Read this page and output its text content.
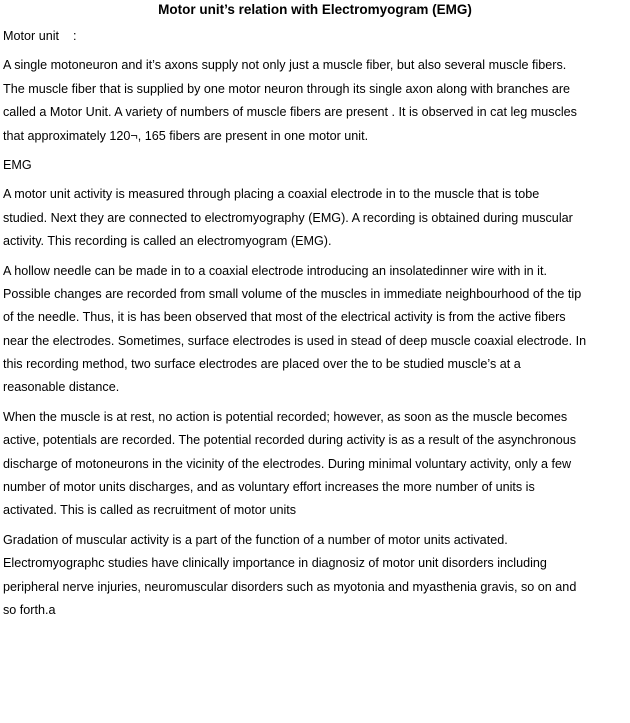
Motor unit’s relation with Electromyogram (EMG)
Motor unit    :
A single motoneuron and it’s axons supply not only just a muscle fiber, but also several muscle fibers.
The muscle fiber that is supplied by one motor neuron through its single axon along with branches are
called a Motor Unit. A variety of numbers of muscle fibers are present . It is observed in cat leg muscles
that approximately 120¬, 165 fibers are present in one motor unit.
EMG
A motor unit activity is measured through placing a coaxial electrode in to the muscle that is tobe
studied. Next they are connected to electromyography (EMG). A recording is obtained during muscular
activity. This recording is called an electromyogram (EMG).
A hollow needle can be made in to a coaxial electrode introducing an insolatedinner wire with in it.
Possible changes are recorded from small volume of the muscles in immediate neighbourhood of the tip
of the needle. Thus, it is has been observed that most of the electrical activity is from the active fibers
near the electrodes. Sometimes, surface electrodes is used in stead of deep muscle coaxial electrode. In
this recording method, two surface electrodes are placed over the to be studied muscle’s at a
reasonable distance.
When the muscle is at rest, no action is potential recorded; however, as soon as the muscle becomes
active, potentials are recorded. The potential recorded during activity is as a result of the asynchronous
discharge of motoneurons in the vicinity of the electrodes. During minimal voluntary activity, only a few
number of motor units discharges, and as voluntary effort increases the more number of units is
activated. This is called as recruitment of motor units
Gradation of muscular activity is a part of the function of a number of motor units activated.
Electromyographc studies have clinically importance in diagnosiz of motor unit disorders including
peripheral nerve injuries, neuromuscular disorders such as myotonia and myasthenia gravis, so on and
so forth.a
